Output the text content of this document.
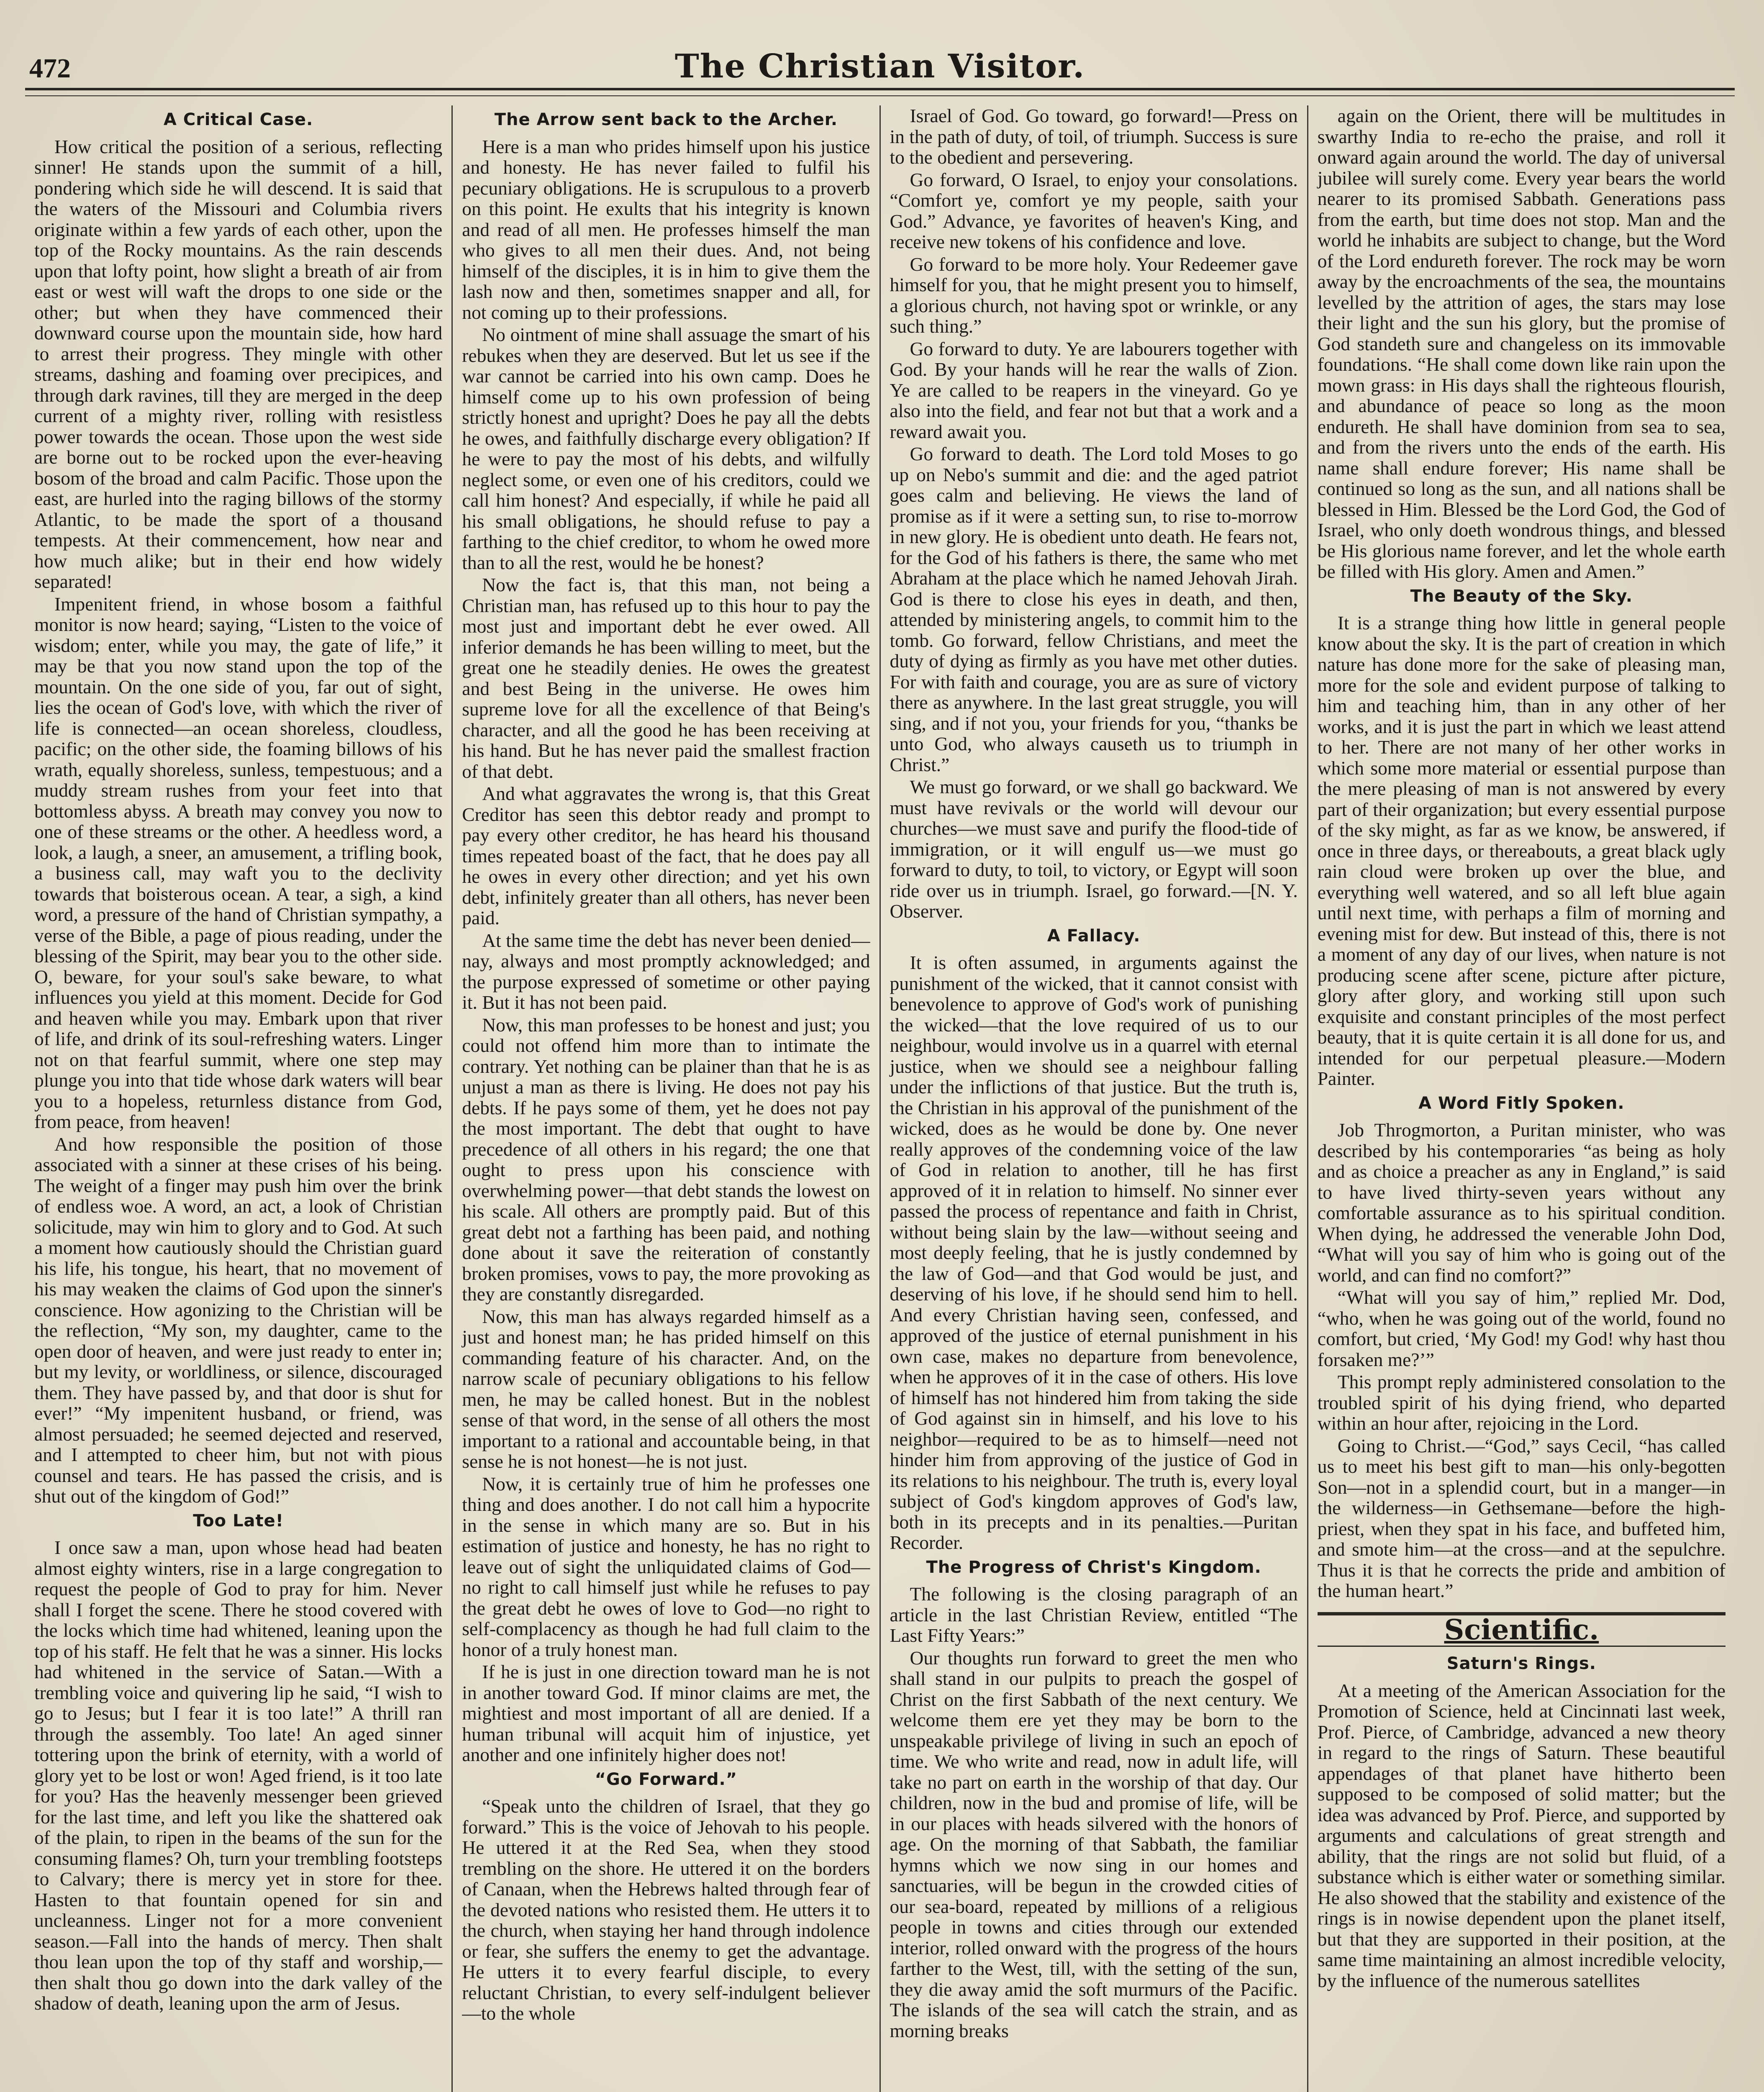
472	The Christian Visitor.
A Critical Case.

How critical the position of a serious, reflecting sinner! He stands upon the summit of a hill, pondering which side he will descend. It is said that the waters of the Missouri and Columbia rivers originate within a few yards of each other, upon the top of the Rocky mountains. As the rain descends upon that lofty point, how slight a breath of air from east or west will waft the drops to one side or the other; but when they have commenced their downward course upon the mountain side, how hard to arrest their progress. They mingle with other streams, dashing and foaming over precipices, and through dark ravines, till they are merged in the deep current of a mighty river, rolling with resistless power towards the ocean. Those upon the west side are borne out to be rocked upon the ever-heaving bosom of the broad and calm Pacific. Those upon the east, are hurled into the raging billows of the stormy Atlantic, to be made the sport of a thousand tempests. At their commencement, how near and how much alike; but in their end how widely separated!

Impenitent friend, in whose bosom a faithful monitor is now heard; saying, “Listen to the voice of wisdom; enter, while you may, the gate of life,” it may be that you now stand upon the top of the mountain. On the one side of you, far out of sight, lies the ocean of God's love, with which the river of life is connected—an ocean shoreless, cloudless, pacific; on the other side, the foaming billows of his wrath, equally shoreless, sunless, tempestuous; and a muddy stream rushes from your feet into that bottomless abyss. A breath may convey you now to one of these streams or the other. A heedless word, a look, a laugh, a sneer, an amusement, a trifling book, a business call, may waft you to the declivity towards that boisterous ocean. A tear, a sigh, a kind word, a pressure of the hand of Christian sympathy, a verse of the Bible, a page of pious reading, under the blessing of the Spirit, may bear you to the other side. O, beware, for your soul's sake beware, to what influences you yield at this moment. Decide for God and heaven while you may. Embark upon that river of life, and drink of its soul-refreshing waters. Linger not on that fearful summit, where one step may plunge you into that tide whose dark waters will bear you to a hopeless, returnless distance from God, from peace, from heaven!

And how responsible the position of those associated with a sinner at these crises of his being. The weight of a finger may push him over the brink of endless woe. A word, an act, a look of Christian solicitude, may win him to glory and to God. At such a moment how cautiously should the Christian guard his life, his tongue, his heart, that no movement of his may weaken the claims of God upon the sinner's conscience. How agonizing to the Christian will be the reflection, “My son, my daughter, came to the open door of heaven, and were just ready to enter in; but my levity, or worldliness, or silence, discouraged them. They have passed by, and that door is shut for ever!” “My impenitent husband, or friend, was almost persuaded; he seemed dejected and reserved, and I attempted to cheer him, but not with pious counsel and tears. He has passed the crisis, and is shut out of the kingdom of God!”

Too Late!

I once saw a man, upon whose head had beaten almost eighty winters, rise in a large congregation to request the people of God to pray for him. Never shall I forget the scene. There he stood covered with the locks which time had whitened, leaning upon the top of his staff. He felt that he was a sinner. His locks had whitened in the service of Satan.—With a trembling voice and quivering lip he said, “I wish to go to Jesus; but I fear it is too late!” A thrill ran through the assembly. Too late! An aged sinner tottering upon the brink of eternity, with a world of glory yet to be lost or won! Aged friend, is it too late for you? Has the heavenly messenger been grieved for the last time, and left you like the shattered oak of the plain, to ripen in the beams of the sun for the consuming flames? Oh, turn your trembling footsteps to Calvary; there is mercy yet in store for thee. Hasten to that fountain opened for sin and uncleanness. Linger not for a more convenient season.—Fall into the hands of mercy. Then shalt thou lean upon the top of thy staff and worship,—then shalt thou go down into the dark valley of the shadow of death, leaning upon the arm of Jesus.

The Arrow sent back to the Archer.

Here is a man who prides himself upon his justice and honesty. He has never failed to fulfil his pecuniary obligations. He is scrupulous to a proverb on this point. He exults that his integrity is known and read of all men. He professes himself the man who gives to all men their dues. And, not being himself of the disciples, it is in him to give them the lash now and then, sometimes snapper and all, for not coming up to their professions.

No ointment of mine shall assuage the smart of his rebukes when they are deserved. But let us see if the war cannot be carried into his own camp. Does he himself come up to his own profession of being strictly honest and upright? Does he pay all the debts he owes, and faithfully discharge every obligation? If he were to pay the most of his debts, and wilfully neglect some, or even one of his creditors, could we call him honest? And especially, if while he paid all his small obligations, he should refuse to pay a farthing to the chief creditor, to whom he owed more than to all the rest, would he be honest?

Now the fact is, that this man, not being a Christian man, has refused up to this hour to pay the most just and important debt he ever owed. All inferior demands he has been willing to meet, but the great one he steadily denies. He owes the greatest and best Being in the universe. He owes him supreme love for all the excellence of that Being's character, and all the good he has been receiving at his hand. But he has never paid the smallest fraction of that debt.

And what aggravates the wrong is, that this Great Creditor has seen this debtor ready and prompt to pay every other creditor, he has heard his thousand times repeated boast of the fact, that he does pay all he owes in every other direction; and yet his own debt, infinitely greater than all others, has never been paid.

At the same time the debt has never been denied—nay, always and most promptly acknowledged; and the purpose expressed of sometime or other paying it. But it has not been paid.

Now, this man professes to be honest and just; you could not offend him more than to intimate the contrary. Yet nothing can be plainer than that he is as unjust a man as there is living. He does not pay his debts. If he pays some of them, yet he does not pay the most important. The debt that ought to have precedence of all others in his regard; the one that ought to press upon his conscience with overwhelming power—that debt stands the lowest on his scale. All others are promptly paid. But of this great debt not a farthing has been paid, and nothing done about it save the reiteration of constantly broken promises, vows to pay, the more provoking as they are constantly disregarded.

Now, this man has always regarded himself as a just and honest man; he has prided himself on this commanding feature of his character. And, on the narrow scale of pecuniary obligations to his fellow men, he may be called honest. But in the noblest sense of that word, in the sense of all others the most important to a rational and accountable being, in that sense he is not honest—he is not just.

Now, it is certainly true of him he professes one thing and does another. I do not call him a hypocrite in the sense in which many are so. But in his estimation of justice and honesty, he has no right to leave out of sight the unliquidated claims of God—no right to call himself just while he refuses to pay the great debt he owes of love to God—no right to self-complacency as though he had full claim to the honor of a truly honest man.

If he is just in one direction toward man he is not in another toward God. If minor claims are met, the mightiest and most important of all are denied. If a human tribunal will acquit him of injustice, yet another and one infinitely higher does not!

“Go Forward.”

“Speak unto the children of Israel, that they go forward.” This is the voice of Jehovah to his people. He uttered it at the Red Sea, when they stood trembling on the shore. He uttered it on the borders of Canaan, when the Hebrews halted through fear of the devoted nations who resisted them. He utters it to the church, when staying her hand through indolence or fear, she suffers the enemy to get the advantage. He utters it to every fearful disciple, to every reluctant Christian, to every self-indulgent believer—to the whole

Israel of God. Go toward, go forward!—Press on in the path of duty, of toil, of triumph. Success is sure to the obedient and persevering.

Go forward, O Israel, to enjoy your consolations. “Comfort ye, comfort ye my people, saith your God.” Advance, ye favorites of heaven's King, and receive new tokens of his confidence and love.

Go forward to be more holy. Your Redeemer gave himself for you, that he might present you to himself, a glorious church, not having spot or wrinkle, or any such thing.”

Go forward to duty. Ye are labourers together with God. By your hands will he rear the walls of Zion. Ye are called to be reapers in the vineyard. Go ye also into the field, and fear not but that a work and a reward await you.

Go forward to death. The Lord told Moses to go up on Nebo's summit and die: and the aged patriot goes calm and believing. He views the land of promise as if it were a setting sun, to rise to-morrow in new glory. He is obedient unto death. He fears not, for the God of his fathers is there, the same who met Abraham at the place which he named Jehovah Jirah. God is there to close his eyes in death, and then, attended by ministering angels, to commit him to the tomb. Go forward, fellow Christians, and meet the duty of dying as firmly as you have met other duties. For with faith and courage, you are as sure of victory there as anywhere. In the last great struggle, you will sing, and if not you, your friends for you, “thanks be unto God, who always causeth us to triumph in Christ.”

We must go forward, or we shall go backward. We must have revivals or the world will devour our churches—we must save and purify the flood-tide of immigration, or it will engulf us—we must go forward to duty, to toil, to victory, or Egypt will soon ride over us in triumph. Israel, go forward.—[N. Y. Observer.

A Fallacy.

It is often assumed, in arguments against the punishment of the wicked, that it cannot consist with benevolence to approve of God's work of punishing the wicked—that the love required of us to our neighbour, would involve us in a quarrel with eternal justice, when we should see a neighbour falling under the inflictions of that justice. But the truth is, the Christian in his approval of the punishment of the wicked, does as he would be done by. One never really approves of the condemning voice of the law of God in relation to another, till he has first approved of it in relation to himself. No sinner ever passed the process of repentance and faith in Christ, without being slain by the law—without seeing and most deeply feeling, that he is justly condemned by the law of God—and that God would be just, and deserving of his love, if he should send him to hell. And every Christian having seen, confessed, and approved of the justice of eternal punishment in his own case, makes no departure from benevolence, when he approves of it in the case of others. His love of himself has not hindered him from taking the side of God against sin in himself, and his love to his neighbor—required to be as to himself—need not hinder him from approving of the justice of God in its relations to his neighbour. The truth is, every loyal subject of God's kingdom approves of God's law, both in its precepts and in its penalties.—Puritan Recorder.

The Progress of Christ's Kingdom.

The following is the closing paragraph of an article in the last Christian Review, entitled “The Last Fifty Years:”

Our thoughts run forward to greet the men who shall stand in our pulpits to preach the gospel of Christ on the first Sabbath of the next century. We welcome them ere yet they may be born to the unspeakable privilege of living in such an epoch of time. We who write and read, now in adult life, will take no part on earth in the worship of that day. Our children, now in the bud and promise of life, will be in our places with heads silvered with the honors of age. On the morning of that Sabbath, the familiar hymns which we now sing in our homes and sanctuaries, will be begun in the crowded cities of our sea-board, repeated by millions of a religious people in towns and cities through our extended interior, rolled onward with the progress of the hours farther to the West, till, with the setting of the sun, they die away amid the soft murmurs of the Pacific. The islands of the sea will catch the strain, and as morning breaks

again on the Orient, there will be multitudes in swarthy India to re-echo the praise, and roll it onward again around the world. The day of universal jubilee will surely come. Every year bears the world nearer to its promised Sabbath. Generations pass from the earth, but time does not stop. Man and the world he inhabits are subject to change, but the Word of the Lord endureth forever. The rock may be worn away by the encroachments of the sea, the mountains levelled by the attrition of ages, the stars may lose their light and the sun his glory, but the promise of God standeth sure and changeless on its immovable foundations. “He shall come down like rain upon the mown grass: in His days shall the righteous flourish, and abundance of peace so long as the moon endureth. He shall have dominion from sea to sea, and from the rivers unto the ends of the earth. His name shall endure forever; His name shall be continued so long as the sun, and all nations shall be blessed in Him. Blessed be the Lord God, the God of Israel, who only doeth wondrous things, and blessed be His glorious name forever, and let the whole earth be filled with His glory. Amen and Amen.”

The Beauty of the Sky.

It is a strange thing how little in general people know about the sky. It is the part of creation in which nature has done more for the sake of pleasing man, more for the sole and evident purpose of talking to him and teaching him, than in any other of her works, and it is just the part in which we least attend to her. There are not many of her other works in which some more material or essential purpose than the mere pleasing of man is not answered by every part of their organization; but every essential purpose of the sky might, as far as we know, be answered, if once in three days, or thereabouts, a great black ugly rain cloud were broken up over the blue, and everything well watered, and so all left blue again until next time, with perhaps a film of morning and evening mist for dew. But instead of this, there is not a moment of any day of our lives, when nature is not producing scene after scene, picture after picture, glory after glory, and working still upon such exquisite and constant principles of the most perfect beauty, that it is quite certain it is all done for us, and intended for our perpetual pleasure.—Modern Painter.

A Word Fitly Spoken.

Job Throgmorton, a Puritan minister, who was described by his contemporaries “as being as holy and as choice a preacher as any in England,” is said to have lived thirty-seven years without any comfortable assurance as to his spiritual condition. When dying, he addressed the venerable John Dod, “What will you say of him who is going out of the world, and can find no comfort?”

“What will you say of him,” replied Mr. Dod, “who, when he was going out of the world, found no comfort, but cried, ‘My God! my God! why hast thou forsaken me?’”

This prompt reply administered consolation to the troubled spirit of his dying friend, who departed within an hour after, rejoicing in the Lord.

Going to Christ.—“God,” says Cecil, “has called us to meet his best gift to man—his only-begotten Son—not in a splendid court, but in a manger—in the wilderness—in Gethsemane—before the high-priest, when they spat in his face, and buffeted him, and smote him—at the cross—and at the sepulchre. Thus it is that he corrects the pride and ambition of the human heart.”

Scientific.
Saturn's Rings.

At a meeting of the American Association for the Promotion of Science, held at Cincinnati last week, Prof. Pierce, of Cambridge, advanced a new theory in regard to the rings of Saturn. These beautiful appendages of that planet have hitherto been supposed to be composed of solid matter; but the idea was advanced by Prof. Pierce, and supported by arguments and calculations of great strength and ability, that the rings are not solid but fluid, of a substance which is either water or something similar. He also showed that the stability and existence of the rings is in nowise dependent upon the planet itself, but that they are supported in their position, at the same time maintaining an almost incredible velocity, by the influence of the numerous satellites
